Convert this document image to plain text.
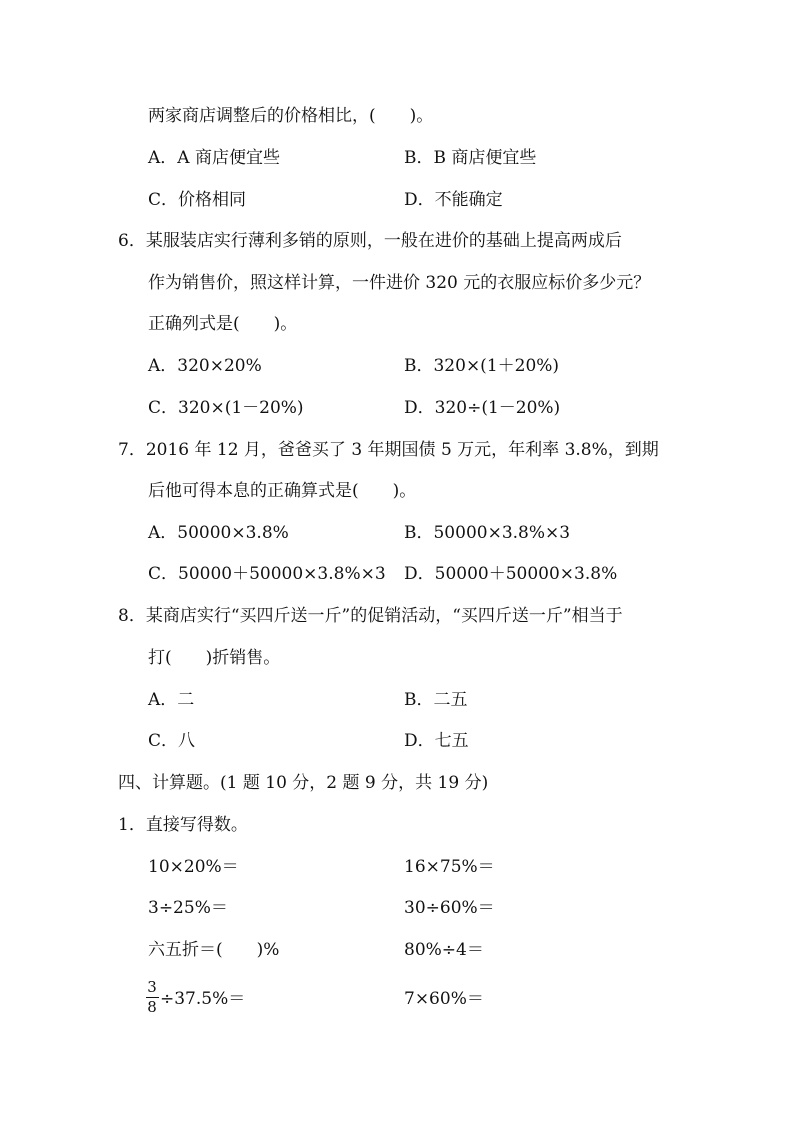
两家商店调整后的价格相比，(　　)。
A．A 商店便宜些	B．B 商店便宜些
C．价格相同	D．不能确定
6．某服装店实行薄利多销的原则，一般在进价的基础上提高两成后
作为销售价，照这样计算，一件进价 320 元的衣服应标价多少元？
正确列式是(　　)。
A．320×20%	B．320×(1＋20%)
C．320×(1－20%)	D．320÷(1－20%)
7．2016 年 12 月，爸爸买了 3 年期国债 5 万元，年利率 3.8%，到期
后他可得本息的正确算式是(　　)。
A．50000×3.8%	B．50000×3.8%×3
C．50000＋50000×3.8%×3 D．50000＋50000×3.8%
8．某商店实行“买四斤送一斤”的促销活动，“买四斤送一斤”相当于
打(　　)折销售。
A．二	B．二五
C．八	D．七五
四、计算题。(1 题 10 分，2 题 9 分，共 19 分)
1．直接写得数。
10×20%＝	16×75%＝
3÷25%＝	30÷60%＝
六五折＝(　　)%	80%÷4＝
3
8 ÷37.5%＝	7×60%＝
